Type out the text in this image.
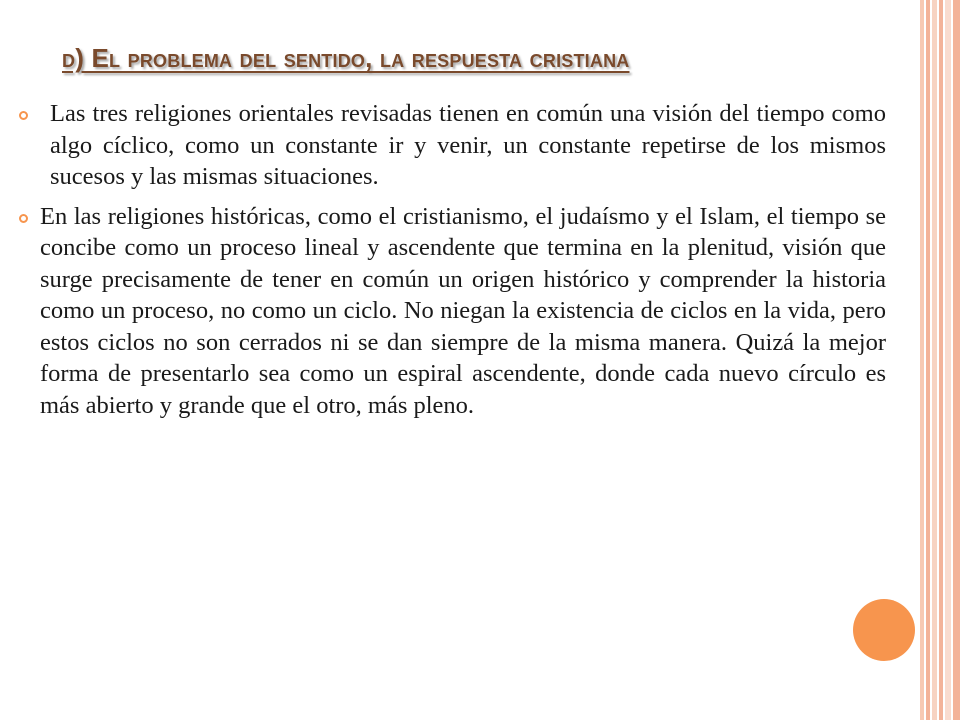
d) El problema del sentido, la respuesta cristiana
Las tres religiones orientales revisadas tienen en común una visión del tiempo como algo cíclico, como un constante ir y venir, un constante repetirse de los mismos sucesos y las mismas situaciones.
En las religiones históricas, como el cristianismo, el judaísmo y el Islam, el tiempo se concibe como un proceso lineal y ascendente que termina en la plenitud, visión que surge precisamente de tener en común un origen histórico y comprender la historia como un proceso, no como un ciclo. No niegan la existencia de ciclos en la vida, pero estos ciclos no son cerrados ni se dan siempre de la misma manera. Quizá la mejor forma de presentarlo sea como un espiral ascendente, donde cada nuevo círculo es más abierto y grande que el otro, más pleno.
